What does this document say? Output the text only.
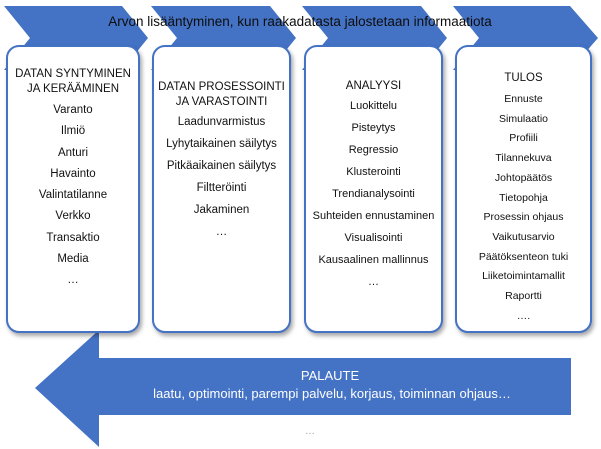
Arvon lisääntyminen, kun raakadatasta jalostetaan informaatiota
DATAN SYNTYMINEN JA KERÄÄMINEN
Varanto
Ilmiö
Anturi
Havainto
Valintatilanne
Verkko
Transaktio
Media
…
DATAN PROSESSOINTI JA VARASTOINTI
Laadunvarmistus
Lyhytaikainen säilytys
Pitkäaikainen säilytys
Filtteröinti
Jakaminen
…
ANALYYSI
Luokittelu
Pisteytys
Regressio
Klusterointi
Trendianalysointi
Suhteiden ennustaminen
Visualisointi
Kausaalinen mallinnus
…
TULOS
Ennuste
Simulaatio
Profiili
Tilannekuva
Johtopäätös
Tietopohja
Prosessin ohjaus
Vaikutusarvio
Päätöksenteon tuki
Liiketoimintamallit
Raportti
….
PALAUTE
laatu, optimointi, parempi palvelu, korjaus, toiminnan ohjaus…
…
